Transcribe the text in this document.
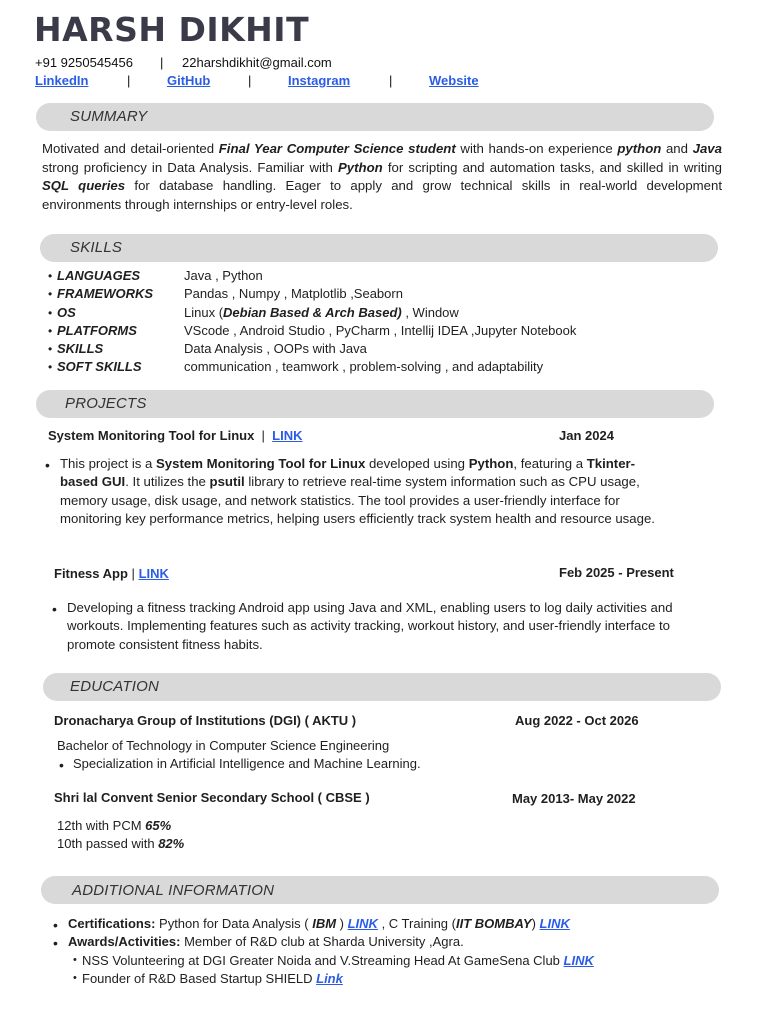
HARSH DIKHIT
+91 9250545456 | 22harshdikhit@gmail.com
LinkedIn	|	GitHub	|	Instagram	|	Website
SUMMARY
Motivated and detail-oriented Final Year Computer Science student with hands-on experience python and Java strong proficiency in Data Analysis. Familiar with Python for scripting and automation tasks, and skilled in writing SQL queries for database handling. Eager to apply and grow technical skills in real-world development environments through internships or entry-level roles.
SKILLS
• LANGUAGES	Java , Python
• FRAMEWORKS	Pandas , Numpy , Matplotlib ,Seaborn
• OS	Linux (Debian Based & Arch Based) , Window
• PLATFORMS	VScode , Android Studio , PyCharm , Intellij IDEA ,Jupyter Notebook
• SKILLS	Data Analysis , OOPs with Java
• SOFT SKILLS	communication , teamwork , problem-solving , and adaptability
PROJECTS
System Monitoring Tool for Linux | LINK	Jan 2024
• This project is a System Monitoring Tool for Linux developed using Python, featuring a Tkinter-based GUI. It utilizes the psutil library to retrieve real-time system information such as CPU usage, memory usage, disk usage, and network statistics. The tool provides a user-friendly interface for monitoring key performance metrics, helping users efficiently track system health and resource usage.
Fitness App | LINK	Feb 2025 - Present
• Developing a fitness tracking Android app using Java and XML, enabling users to log daily activities and workouts. Implementing features such as activity tracking, workout history, and user-friendly interface to promote consistent fitness habits.
EDUCATION
Dronacharya Group of Institutions (DGI) ( AKTU )	Aug 2022 - Oct 2026
Bachelor of Technology in Computer Science Engineering
• Specialization in Artificial Intelligence and Machine Learning.
Shri lal Convent Senior Secondary School ( CBSE )	May 2013- May 2022
12th with PCM 65%
10th passed with 82%
ADDITIONAL INFORMATION
• Certifications: Python for Data Analysis ( IBM ) LINK , C Training (IIT BOMBAY) LINK
• Awards/Activities: Member of R&D club at Sharda University ,Agra.
• NSS Volunteering at DGI Greater Noida and V.Streaming Head At GameSena Club LINK
• Founder of R&D Based Startup SHIELD Link
